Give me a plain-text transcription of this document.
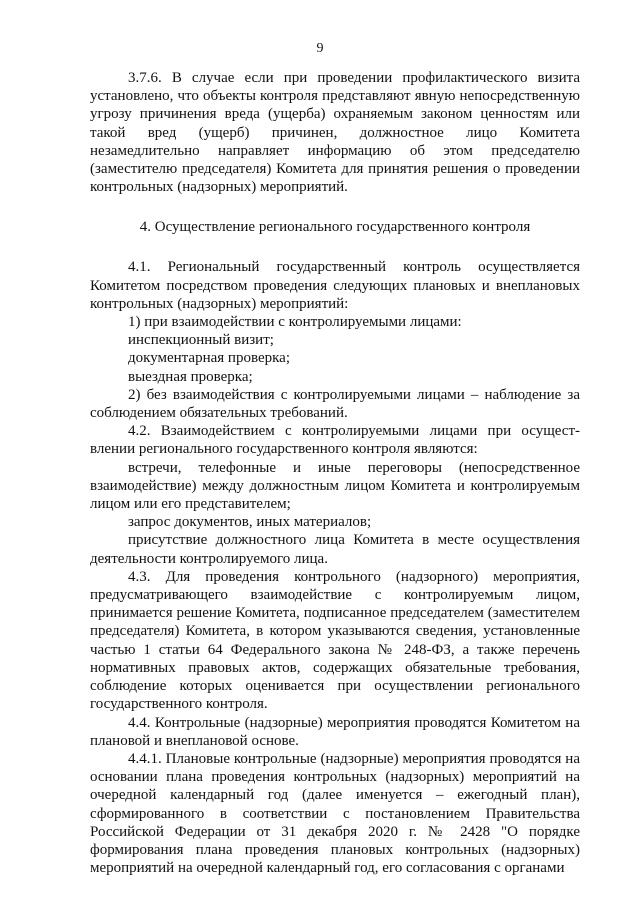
9

3.7.6. В случае если при проведении профилактического визита установлено, что объекты контроля представляют явную непосредственную угрозу причинения вреда (ущерба) охраняемым законом ценностям или такой вред (ущерб) причинен, должностное лицо Комитета незамедлительно направляет информацию об этом председателю (заместителю председателя) Комитета для принятия решения о проведении контрольных (надзорных) мероприятий.

4. Осуществление регионального государственного контроля

4.1. Региональный государственный контроль осуществляется Комитетом посредством проведения следующих плановых и внеплановых контрольных (надзорных) мероприятий:

1) при взаимодействии с контролируемыми лицами:

инспекционный визит;

документарная проверка;

выездная проверка;

2) без взаимодействия с контролируемыми лицами – наблюдение за соблюдением обязательных требований.

4.2. Взаимодействием с контролируемыми лицами при осуществлении регионального государственного контроля являются:

встречи, телефонные и иные переговоры (непосредственное взаимодействие) между должностным лицом Комитета и контролируемым лицом или его представителем;

запрос документов, иных материалов;

присутствие должностного лица Комитета в месте осуществления деятельности контролируемого лица.

4.3. Для проведения контрольного (надзорного) мероприятия, предусматривающего взаимодействие с контролируемым лицом, принимается решение Комитета, подписанное председателем (заместителем председателя) Комитета, в котором указываются сведения, установленные частью 1 статьи 64 Федерального закона № 248-ФЗ, а также перечень нормативных правовых актов, содержащих обязательные требования, соблюдение которых оценивается при осуществлении регионального государственного контроля.

4.4. Контрольные (надзорные) мероприятия проводятся Комитетом на плановой и внеплановой основе.

4.4.1. Плановые контрольные (надзорные) мероприятия проводятся на основании плана проведения контрольных (надзорных) мероприятий на очередной календарный год (далее именуется – ежегодный план), сформированного в соответствии с постановлением Правительства Российской Федерации от 31 декабря 2020 г. № 2428 "О порядке формирования плана проведения плановых контрольных (надзорных) мероприятий на очередной календарный год, его согласования с органами
